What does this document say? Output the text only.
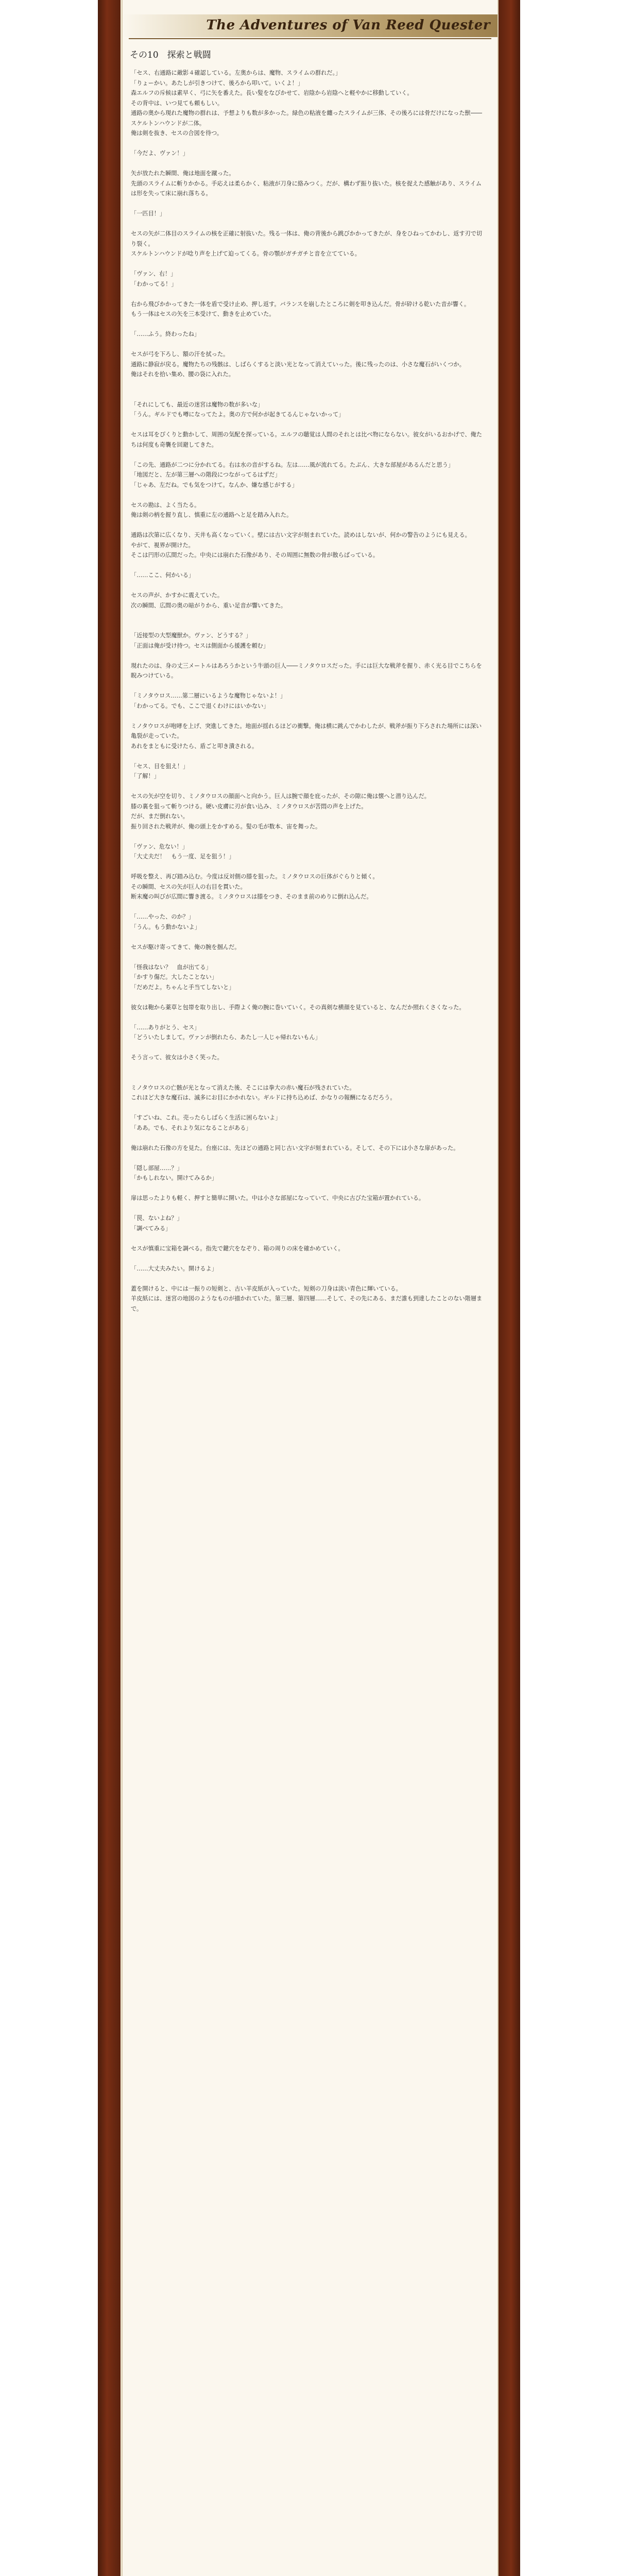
The Adventures of Van Reed Quester
その10　探索と戦闘

「セス、右通路に敵影４確認している。左奥からは、魔物、スライムの群れだ。」

「りょーかい。あたしが引きつけて、後ろから叩いて。いくよ！」

森エルフの斥候は素早く、弓に矢を番えた。長い髪をなびかせて、岩陰から岩陰へと軽やかに移動していく。

その背中は、いつ見ても頼もしい。

通路の奥から現れた魔物の群れは、予想よりも数が多かった。緑色の粘液を纏ったスライムが三体、その後ろには骨だけになった獣――スケルトンハウンドが二体。

俺は剣を抜き、セスの合図を待つ。

「今だよ、ヴァン！」

矢が放たれた瞬間、俺は地面を蹴った。

先頭のスライムに斬りかかる。手応えは柔らかく、粘液が刀身に絡みつく。だが、構わず振り抜いた。核を捉えた感触があり、スライムは形を失って床に崩れ落ちる。

「一匹目！」

セスの矢が二体目のスライムの核を正確に射抜いた。残る一体は、俺の背後から跳びかかってきたが、身をひねってかわし、返す刃で切り裂く。

スケルトンハウンドが唸り声を上げて迫ってくる。骨の顎がガチガチと音を立てている。

「ヴァン、右！」

「わかってる！」

右から飛びかかってきた一体を盾で受け止め、押し返す。バランスを崩したところに剣を叩き込んだ。骨が砕ける乾いた音が響く。

もう一体はセスの矢を三本受けて、動きを止めていた。

「……ふう。終わったね」

セスが弓を下ろし、額の汗を拭った。

通路に静寂が戻る。魔物たちの残骸は、しばらくすると淡い光となって消えていった。後に残ったのは、小さな魔石がいくつか。

俺はそれを拾い集め、腰の袋に入れた。

「それにしても、最近の迷宮は魔物の数が多いな」

「うん。ギルドでも噂になってたよ。奥の方で何かが起きてるんじゃないかって」

セスは耳をぴくりと動かして、周囲の気配を探っている。エルフの聴覚は人間のそれとは比べ物にならない。彼女がいるおかげで、俺たちは何度も奇襲を回避してきた。

「この先、通路が二つに分かれてる。右は水の音がするね。左は……風が流れてる。たぶん、大きな部屋があるんだと思う」

「地図だと、左が第三層への階段につながってるはずだ」

「じゃあ、左だね。でも気をつけて。なんか、嫌な感じがする」

セスの勘は、よく当たる。

俺は剣の柄を握り直し、慎重に左の通路へと足を踏み入れた。

通路は次第に広くなり、天井も高くなっていく。壁には古い文字が刻まれていた。読めはしないが、何かの警告のようにも見える。

やがて、視界が開けた。

そこは円形の広間だった。中央には崩れた石像があり、その周囲に無数の骨が散らばっている。

「……ここ、何かいる」

セスの声が、かすかに震えていた。

次の瞬間、広間の奥の暗がりから、重い足音が響いてきた。

「近接型の大型魔獣か。ヴァン、どうする？」

「正面は俺が受け持つ。セスは側面から援護を頼む」

現れたのは、身の丈三メートルはあろうかという牛頭の巨人――ミノタウロスだった。手には巨大な戦斧を握り、赤く光る目でこちらを睨みつけている。

「ミノタウロス……第二層にいるような魔物じゃないよ！」

「わかってる。でも、ここで退くわけにはいかない」

ミノタウロスが咆哮を上げ、突進してきた。地面が揺れるほどの衝撃。俺は横に跳んでかわしたが、戦斧が振り下ろされた場所には深い亀裂が走っていた。

あれをまともに受けたら、盾ごと叩き潰される。

「セス、目を狙え！」

「了解！」

セスの矢が空を切り、ミノタウロスの顔面へと向かう。巨人は腕で顔を庇ったが、その隙に俺は懐へと潜り込んだ。

膝の裏を狙って斬りつける。硬い皮膚に刃が食い込み、ミノタウロスが苦悶の声を上げた。

だが、まだ倒れない。

振り回された戦斧が、俺の頭上をかすめる。髪の毛が数本、宙を舞った。

「ヴァン、危ない！」

「大丈夫だ！　もう一度、足を狙う！」

呼吸を整え、再び踏み込む。今度は反対側の膝を狙った。ミノタウロスの巨体がぐらりと傾く。

その瞬間、セスの矢が巨人の右目を貫いた。

断末魔の叫びが広間に響き渡る。ミノタウロスは膝をつき、そのまま前のめりに倒れ込んだ。

「……やった、のか？」

「うん。もう動かないよ」

セスが駆け寄ってきて、俺の腕を掴んだ。

「怪我はない？　血が出てる」

「かすり傷だ。大したことない」

「だめだよ。ちゃんと手当てしないと」

彼女は鞄から薬草と包帯を取り出し、手際よく俺の腕に巻いていく。その真剣な横顔を見ていると、なんだか照れくさくなった。

「……ありがとう、セス」

「どういたしまして。ヴァンが倒れたら、あたし一人じゃ帰れないもん」

そう言って、彼女は小さく笑った。

ミノタウロスの亡骸が光となって消えた後、そこには拳大の赤い魔石が残されていた。

これほど大きな魔石は、滅多にお目にかかれない。ギルドに持ち込めば、かなりの報酬になるだろう。

「すごいね、これ。売ったらしばらく生活に困らないよ」

「ああ。でも、それより気になることがある」

俺は崩れた石像の方を見た。台座には、先ほどの通路と同じ古い文字が刻まれている。そして、その下には小さな扉があった。

「隠し部屋……？」

「かもしれない。開けてみるか」

扉は思ったよりも軽く、押すと簡単に開いた。中は小さな部屋になっていて、中央に古びた宝箱が置かれている。

「罠、ないよね？」

「調べてみる」

セスが慎重に宝箱を調べる。指先で鍵穴をなぞり、箱の周りの床を確かめていく。

「……大丈夫みたい。開けるよ」

蓋を開けると、中には一振りの短剣と、古い羊皮紙が入っていた。短剣の刀身は淡い青色に輝いている。

羊皮紙には、迷宮の地図のようなものが描かれていた。第三層、第四層……そして、その先にある、まだ誰も到達したことのない階層まで。
